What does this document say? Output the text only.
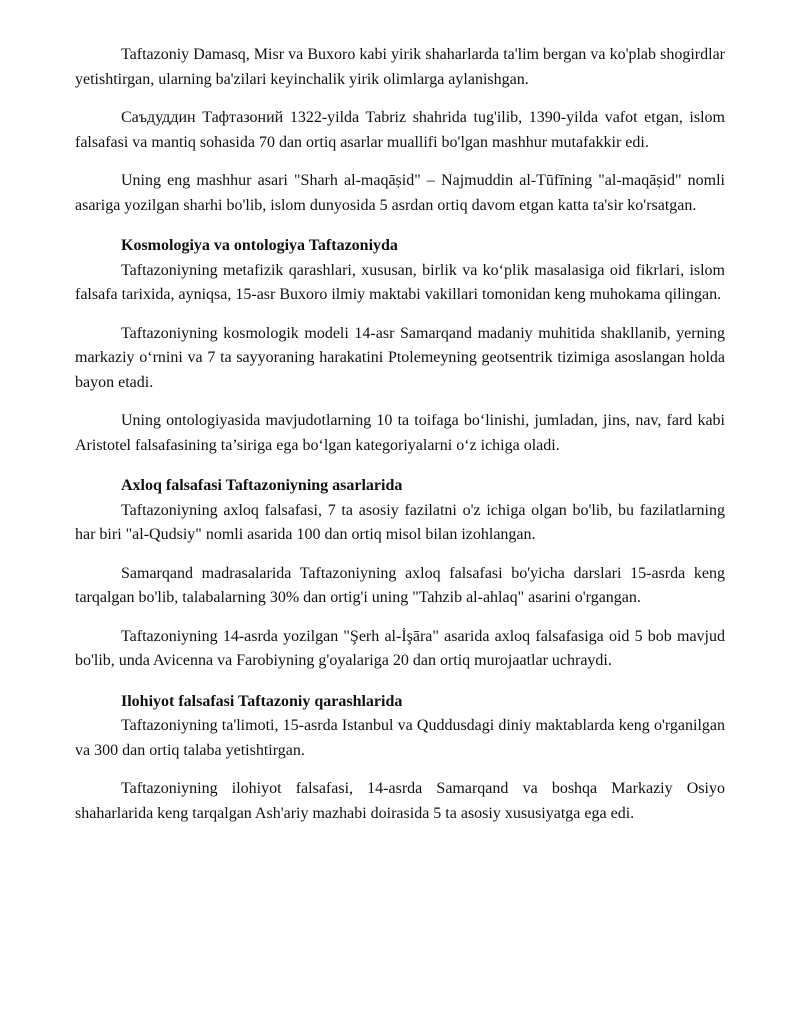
Taftazoniy Damasq, Misr va Buxoro kabi yirik shaharlarda ta'lim bergan va ko'plab shogirdlar yetishtirgan, ularning ba'zilari keyinchalik yirik olimlarga aylanishgan.

Саъдуддин Тафтазоний 1322-yilda Tabriz shahrida tug'ilib, 1390-yilda vafot etgan, islom falsafasi va mantiq sohasida 70 dan ortiq asarlar muallifi bo'lgan mashhur mutafakkir edi.

Uning eng mashhur asari "Sharh al-maqāṣid" – Najmuddin al-Tūfīning "al-maqāṣid" nomli asariga yozilgan sharhi bo'lib, islom dunyosida 5 asrdan ortiq davom etgan katta ta'sir ko'rsatgan.

Kosmologiya va ontologiya Taftazoniyda

Taftazoniyning metafizik qarashlari, xususan, birlik va ko‘plik masalasiga oid fikrlari, islom falsafa tarixida, ayniqsa, 15-asr Buxoro ilmiy maktabi vakillari tomonidan keng muhokama qilingan.

Taftazoniyning kosmologik modeli 14-asr Samarqand madaniy muhitida shakllanib, yerning markaziy o‘rnini va 7 ta sayyoraning harakatini Ptolemeyning geotsentrik tizimiga asoslangan holda bayon etadi.

Uning ontologiyasida mavjudotlarning 10 ta toifaga bo‘linishi, jumladan, jins, nav, fard kabi Aristotel falsafasining ta’siriga ega bo‘lgan kategoriyalarni o‘z ichiga oladi.

Axloq falsafasi Taftazoniyning asarlarida

Taftazoniyning axloq falsafasi, 7 ta asosiy fazilatni o'z ichiga olgan bo'lib, bu fazilatlarning har biri "al-Qudsiy" nomli asarida 100 dan ortiq misol bilan izohlangan.

Samarqand madrasalarida Taftazoniyning axloq falsafasi bo'yicha darslari 15-asrda keng tarqalgan bo'lib, talabalarning 30% dan ortig'i uning "Tahzib al-ahlaq" asarini o'rgangan.

Taftazoniyning 14-asrda yozilgan "Şerh al-İşāra" asarida axloq falsafasiga oid 5 bob mavjud bo'lib, unda Avicenna va Farobiyning g'oyalariga 20 dan ortiq murojaatlar uchraydi.

Ilohiyot falsafasi Taftazoniy qarashlarida

Taftazoniyning ta'limoti, 15-asrda Istanbul va Quddusdagi diniy maktablarda keng o'rganilgan va 300 dan ortiq talaba yetishtirgan.

Taftazoniyning ilohiyot falsafasi, 14-asrda Samarqand va boshqa Markaziy Osiyo shaharlarida keng tarqalgan Ash'ariy mazhabi doirasida 5 ta asosiy xususiyatga ega edi.
